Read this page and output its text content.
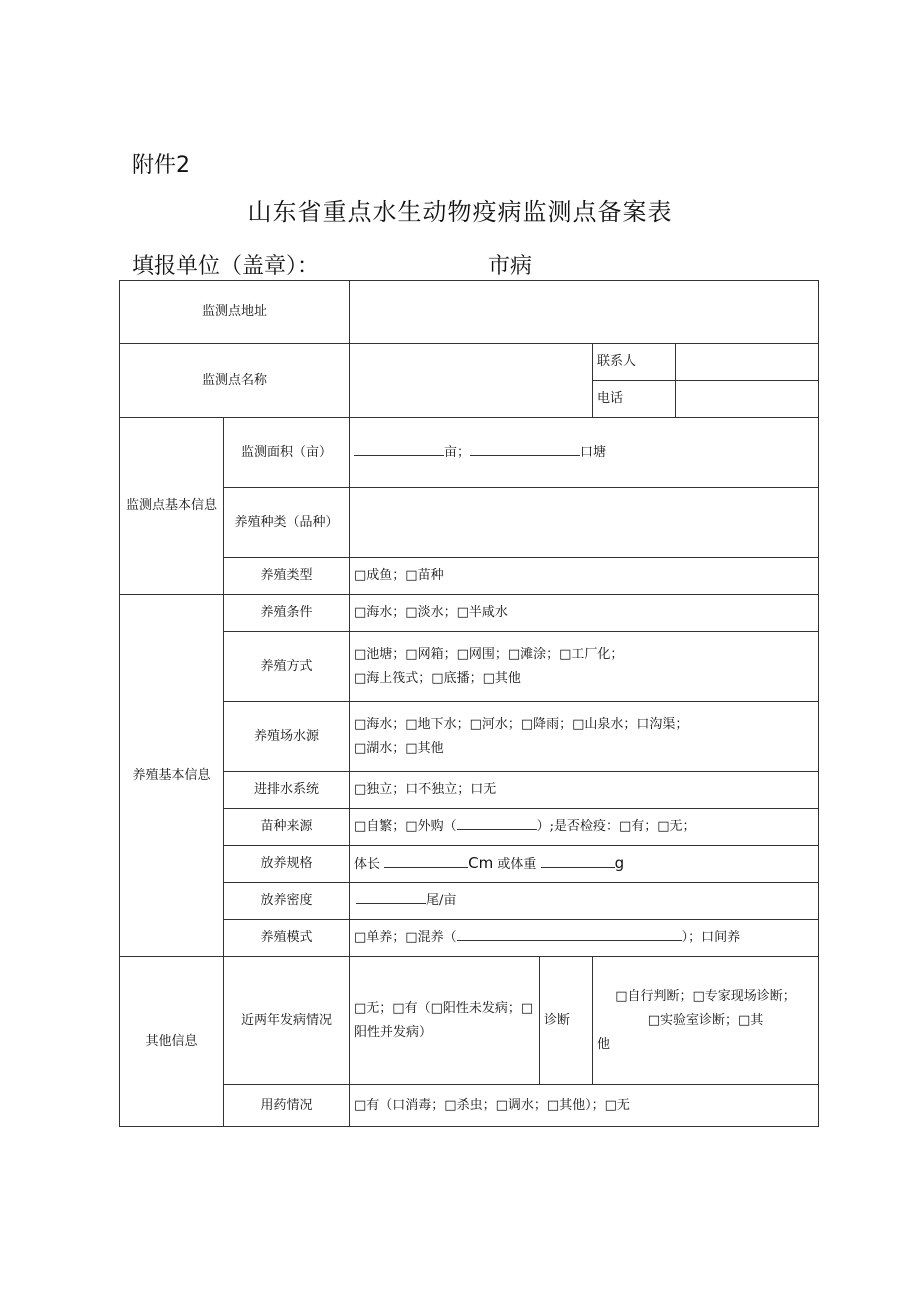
附件2
山东省重点水生动物疫病监测点备案表
填报单位（盖章）：	市病
监测点地址					
监测点名称				联系人	
				电话	
监测点基本信息	监测面积（亩）	亩； 口塘			
	养殖种类（品种）				
	养殖类型	□成鱼；□苗种			
养殖基本信息	养殖条件	□海水；□淡水；□半咸水			
	养殖方式	□池塘；□网箱；□网围；□滩涂；□工厂化；
□海上筏式；□底播；□其他			

	养殖场水源	□海水；□地下水；□河水；□降雨；□山泉水；口沟渠；
□湖水；□其他			

	进排水系统	□独立；口不独立；口无			
	苗种来源	□自繁；□外购（ ）;是否检疫：□有；□无；			
	放养规格	体长 Cm 或体重 g			
	放养密度	尾/亩			
	养殖模式	□单养；□混养（ ）；口间养			
其他信息	近两年发病情况	□无；□有（□阳性未发病；□阳性并发病）	诊断	□自行判断；□专家现场诊断；
□实验室诊断；□其
他	

	用药情况	□有（口消毒；□杀虫；□调水；□其他）；□无			
